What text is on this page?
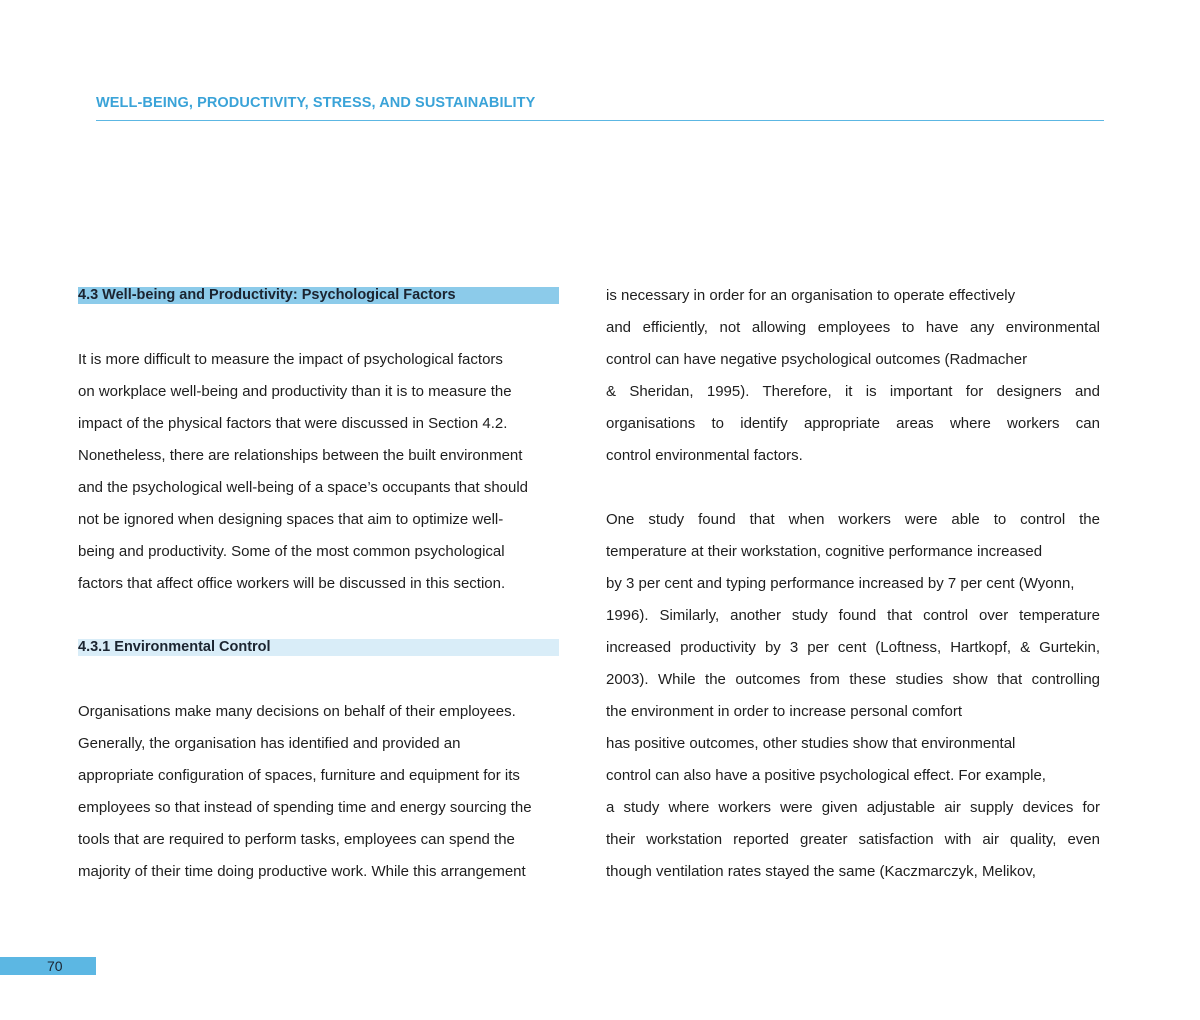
WELL-BEING, PRODUCTIVITY, STRESS, AND SUSTAINABILITY
4.3 Well-being and Productivity: Psychological Factors
It is more difficult to measure the impact of psychological factors
on workplace well-being and productivity than it is to measure the
impact of the physical factors that were discussed in Section 4.2.
Nonetheless, there are relationships between the built environment
and the psychological well-being of a space’s occupants that should
not be ignored when designing spaces that aim to optimize well-
being and productivity. Some of the most common psychological
factors that affect office workers will be discussed in this section.
4.3.1 Environmental Control
Organisations make many decisions on behalf of their employees.
Generally, the organisation has identified and provided an
appropriate configuration of spaces, furniture and equipment for its
employees so that instead of spending time and energy sourcing the
tools that are required to perform tasks, employees can spend the
majority of their time doing productive work. While this arrangement
is necessary in order for an organisation to operate effectively
and efficiently, not allowing employees to have any environmental
control can have negative psychological outcomes (Radmacher
& Sheridan, 1995). Therefore, it is important for designers and
organisations to identify appropriate areas where workers can
control environmental factors.
One study found that when workers were able to control the
temperature at their workstation, cognitive performance increased
by 3 per cent and typing performance increased by 7 per cent (Wyonn,
1996). Similarly, another study found that control over temperature
increased productivity by 3 per cent (Loftness, Hartkopf, & Gurtekin,
2003). While the outcomes from these studies show that controlling
the environment in order to increase personal comfort
has positive outcomes, other studies show that environmental
control can also have a positive psychological effect. For example,
a study where workers were given adjustable air supply devices for
their workstation reported greater satisfaction with air quality, even
though ventilation rates stayed the same (Kaczmarczyk, Melikov,
70
